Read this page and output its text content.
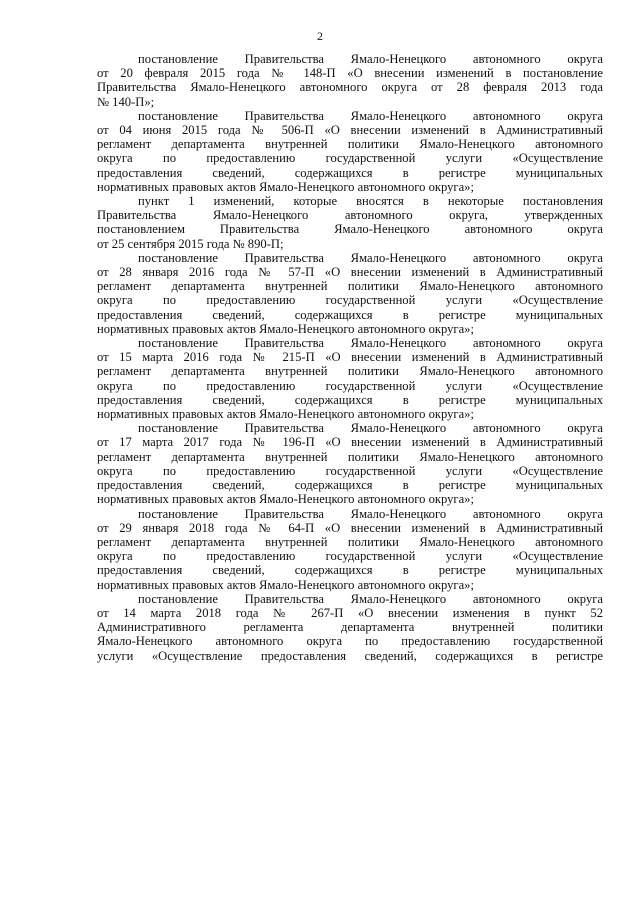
2
постановление Правительства Ямало-Ненецкого автономного округа
от 20 февраля 2015 года № 148-П «О внесении изменений в постановление
Правительства Ямало-Ненецкого автономного округа от 28 февраля 2013 года
№ 140-П»;
постановление Правительства Ямало-Ненецкого автономного округа
от 04 июня 2015 года № 506-П «О внесении изменений в Административный
регламент департамента внутренней политики Ямало-Ненецкого автономного
округа по предоставлению государственной услуги «Осуществление
предоставления сведений, содержащихся в регистре муниципальных
нормативных правовых актов Ямало-Ненецкого автономного округа»;
пункт 1 изменений, которые вносятся в некоторые постановления
Правительства Ямало-Ненецкого автономного округа, утвержденных
постановлением Правительства Ямало-Ненецкого автономного округа
от 25 сентября 2015 года № 890-П;
постановление Правительства Ямало-Ненецкого автономного округа
от 28 января 2016 года № 57-П «О внесении изменений в Административный
регламент департамента внутренней политики Ямало-Ненецкого автономного
округа по предоставлению государственной услуги «Осуществление
предоставления сведений, содержащихся в регистре муниципальных
нормативных правовых актов Ямало-Ненецкого автономного округа»;
постановление Правительства Ямало-Ненецкого автономного округа
от 15 марта 2016 года № 215-П «О внесении изменений в Административный
регламент департамента внутренней политики Ямало-Ненецкого автономного
округа по предоставлению государственной услуги «Осуществление
предоставления сведений, содержащихся в регистре муниципальных
нормативных правовых актов Ямало-Ненецкого автономного округа»;
постановление Правительства Ямало-Ненецкого автономного округа
от 17 марта 2017 года № 196-П «О внесении изменений в Административный
регламент департамента внутренней политики Ямало-Ненецкого автономного
округа по предоставлению государственной услуги «Осуществление
предоставления сведений, содержащихся в регистре муниципальных
нормативных правовых актов Ямало-Ненецкого автономного округа»;
постановление Правительства Ямало-Ненецкого автономного округа
от 29 января 2018 года № 64-П «О внесении изменений в Административный
регламент департамента внутренней политики Ямало-Ненецкого автономного
округа по предоставлению государственной услуги «Осуществление
предоставления сведений, содержащихся в регистре муниципальных
нормативных правовых актов Ямало-Ненецкого автономного округа»;
постановление Правительства Ямало-Ненецкого автономного округа
от 14 марта 2018 года № 267-П «О внесении изменения в пункт 52
Административного регламента департамента внутренней политики
Ямало-Ненецкого автономного округа по предоставлению государственной
услуги «Осуществление предоставления сведений, содержащихся в регистре
